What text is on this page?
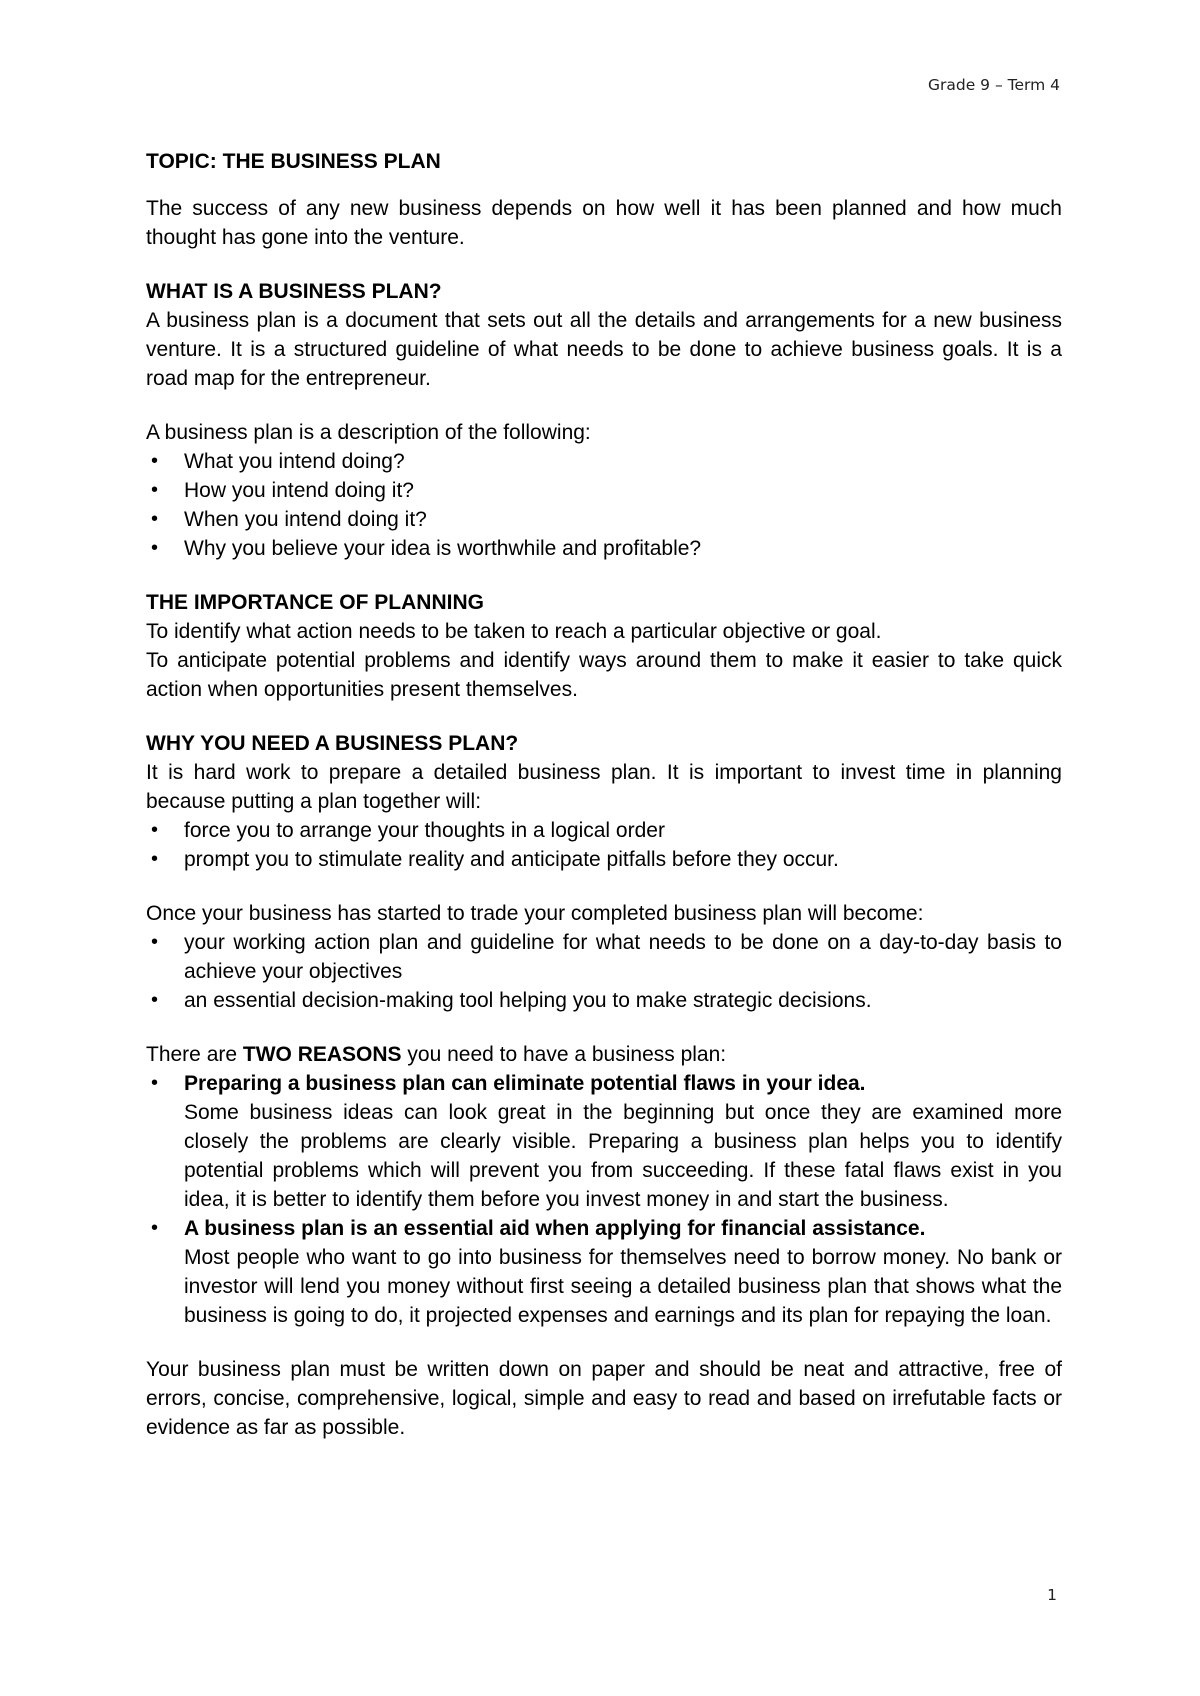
Grade 9 – Term 4
TOPIC: THE BUSINESS PLAN

The success of any new business depends on how well it has been planned and how much thought has gone into the venture.

WHAT IS A BUSINESS PLAN?

A business plan is a document that sets out all the details and arrangements for a new business venture. It is a structured guideline of what needs to be done to achieve business goals. It is a road map for the entrepreneur.

A business plan is a description of the following:

• What you intend doing?
• How you intend doing it?
• When you intend doing it?
• Why you believe your idea is worthwhile and profitable?
THE IMPORTANCE OF PLANNING

To identify what action needs to be taken to reach a particular objective or goal.

To anticipate potential problems and identify ways around them to make it easier to take quick action when opportunities present themselves.

WHY YOU NEED A BUSINESS PLAN?

It is hard work to prepare a detailed business plan. It is important to invest time in planning because putting a plan together will:

• force you to arrange your thoughts in a logical order
• prompt you to stimulate reality and anticipate pitfalls before they occur.

Once your business has started to trade your completed business plan will become:

• your working action plan and guideline for what needs to be done on a day-to-day basis to achieve your objectives
• an essential decision-making tool helping you to make strategic decisions.

There are TWO REASONS you need to have a business plan:

• Preparing a business plan can eliminate potential flaws in your idea.
Some business ideas can look great in the beginning but once they are examined more closely the problems are clearly visible. Preparing a business plan helps you to identify potential problems which will prevent you from succeeding. If these fatal flaws exist in you idea, it is better to identify them before you invest money in and start the business.
• A business plan is an essential aid when applying for financial assistance.
Most people who want to go into business for themselves need to borrow money. No bank or investor will lend you money without first seeing a detailed business plan that shows what the business is going to do, it projected expenses and earnings and its plan for repaying the loan.

Your business plan must be written down on paper and should be neat and attractive, free of errors, concise, comprehensive, logical, simple and easy to read and based on irrefutable facts or evidence as far as possible.

1
